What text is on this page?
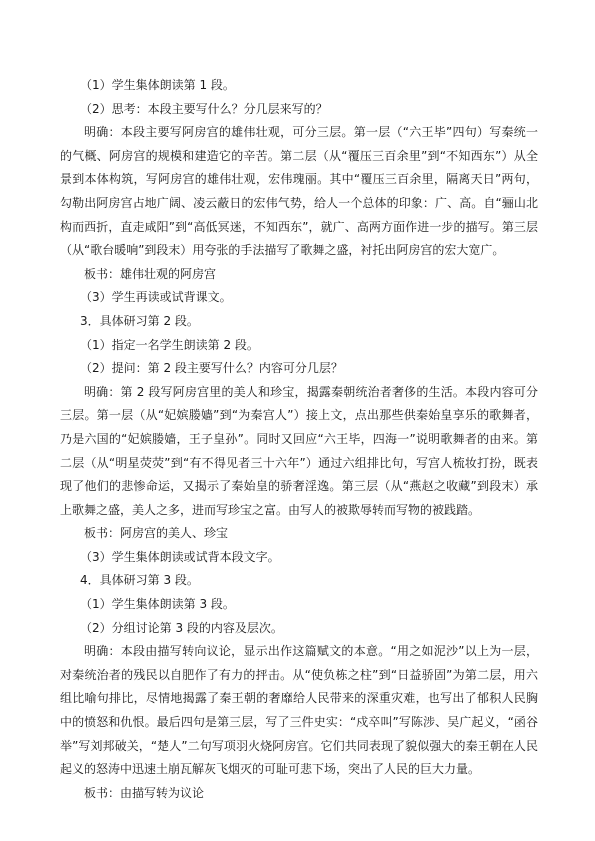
（1）学生集体朗读第 1 段。

（2）思考：本段主要写什么？分几层来写的？

明确：本段主要写阿房宫的雄伟壮观，可分三层。第一层（“六王毕”四句）写秦统一的气概、阿房宫的规模和建造它的辛苦。第二层（从“覆压三百余里”到“不知西东”）从全景到本体构筑，写阿房宫的雄伟壮观，宏伟瑰丽。其中“覆压三百余里，隔离天日”两句，勾勒出阿房宫占地广阔、凌云蔽日的宏伟气势，给人一个总体的印象：广、高。自“骊山北构而西折，直走咸阳”到“高低冥迷，不知西东”，就广、高两方面作进一步的描写。第三层（从“歌台暖响”到段末）用夸张的手法描写了歌舞之盛，衬托出阿房宫的宏大宽广。

板书：雄伟壮观的阿房宫

（3）学生再读或试背课文。

3．具体研习第 2 段。

（1）指定一名学生朗读第 2 段。

（2）提问：第 2 段主要写什么？内容可分几层？

明确：第 2 段写阿房宫里的美人和珍宝，揭露秦朝统治者奢侈的生活。本段内容可分三层。第一层（从“妃嫔媵嫱”到“为秦宫人”）接上文，点出那些供秦始皇享乐的歌舞者，乃是六国的“妃嫔媵嫱，王子皇孙”。同时又回应“六王毕，四海一”说明歌舞者的由来。第二层（从“明星荧荧”到“有不得见者三十六年”）通过六组排比句，写宫人梳妆打扮，既表现了他们的悲惨命运，又揭示了秦始皇的骄奢淫逸。第三层（从“燕赵之收藏”到段末）承上歌舞之盛，美人之多，进而写珍宝之富。由写人的被欺辱转而写物的被践踏。

板书：阿房宫的美人、珍宝

（3）学生集体朗读或试背本段文字。

4．具体研习第 3 段。

（1）学生集体朗读第 3 段。

（2）分组讨论第 3 段的内容及层次。

明确：本段由描写转向议论，显示出作这篇赋文的本意。“用之如泥沙”以上为一层，对秦统治者的残民以自肥作了有力的抨击。从“使负栋之柱”到“日益骄固”为第二层，用六组比喻句排比，尽情地揭露了秦王朝的奢靡给人民带来的深重灾难，也写出了郁积人民胸中的愤怒和仇恨。最后四句是第三层，写了三件史实：“戍卒叫”写陈涉、吴广起义，“函谷举”写刘邦破关，“楚人”二句写项羽火烧阿房宫。它们共同表现了貌似强大的秦王朝在人民起义的怒涛中迅速土崩瓦解灰飞烟灭的可耻可悲下场，突出了人民的巨大力量。

板书：由描写转为议论
